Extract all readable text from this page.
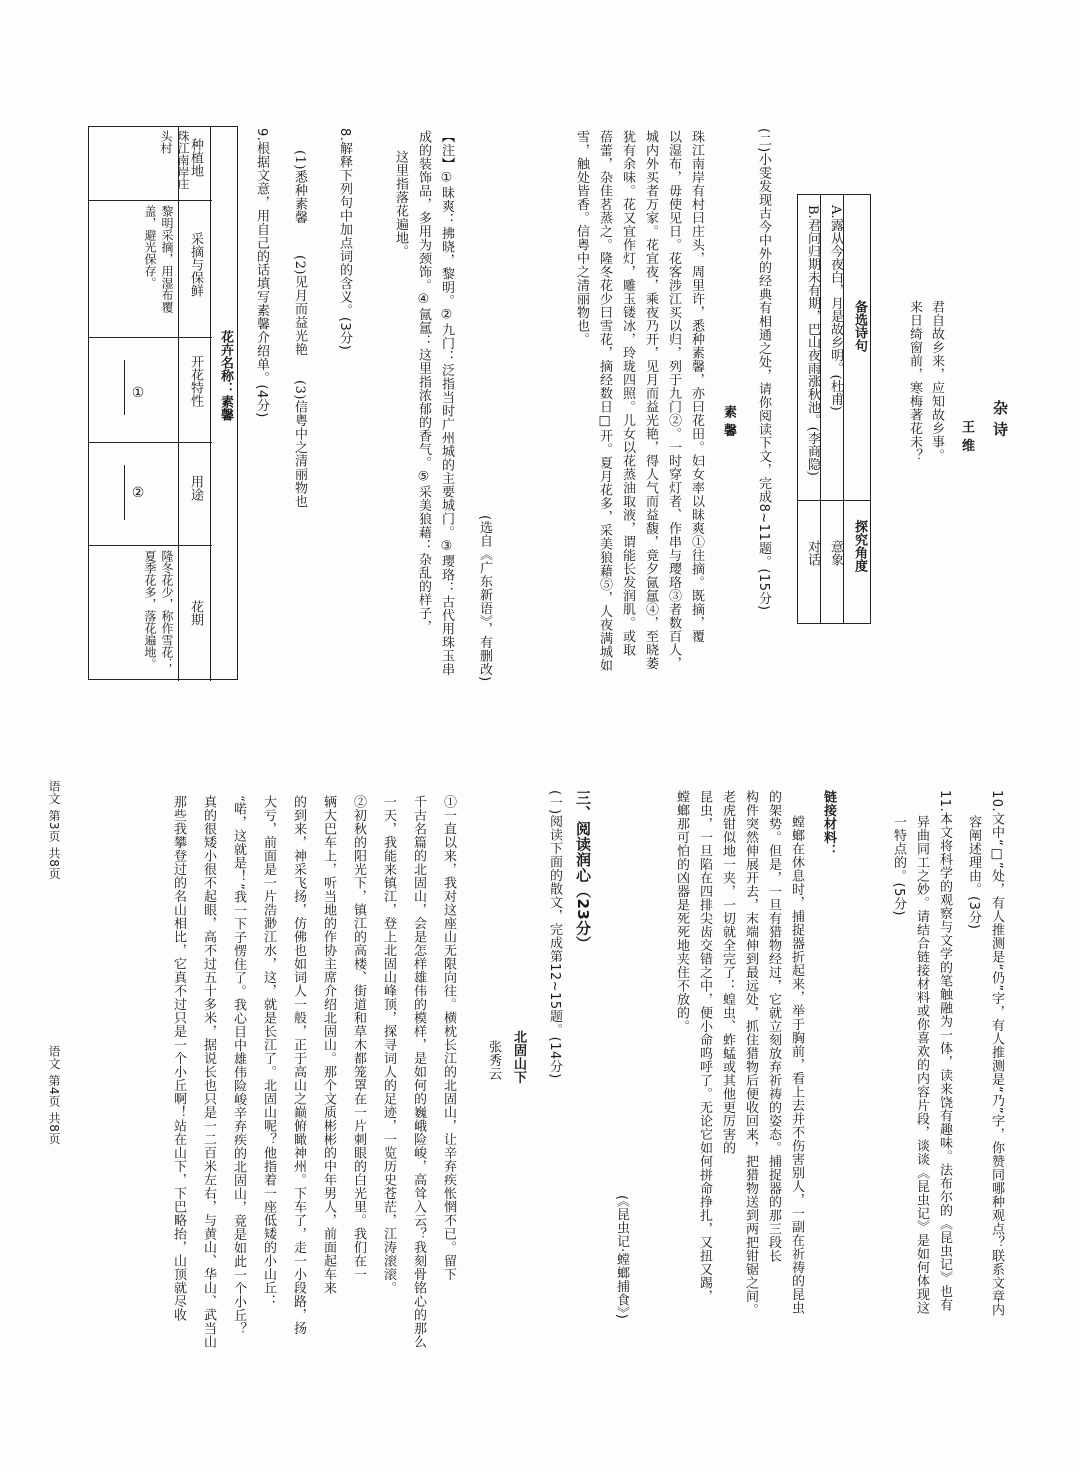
杂 诗
王 维
君自故乡来，应知故乡事。
来日绮窗前，寒梅著花未？
备选诗句
探究角度
A.露从今夜白，月是故乡明。(杜甫)
意象
B.君问归期未有期，巴山夜雨涨秋池。(李商隐)
对话
(二)小雯发现古今中外的经典有相通之处，请你阅读下文，完成8~11题。(15分)
素 馨
珠江南岸有村曰庄头，周里许，悉种素馨，亦曰花田。妇女率以昧爽①往摘。既摘，覆
以湿布，毋使见日。花客涉江买以归，列于九门②。一时穿灯者、作串与璎珞③者数百人，
城内外买者万家。花宜夜，乘夜乃开，见月而益光艳，得人气而益馥，竟夕氤氲④，至晓萎
犹有余味。花又宜作灯，雕玉镂冰，玲珑四照。儿女以花蒸油取液，谓能长发润肌。或取
蓓蕾，杂佳茗蒸之。隆冬花少曰雪花，摘经数日□开。夏月花多，采美狼藉⑤，人夜满城如
雪，触处皆香。信粤中之清丽物也。
(选自《广东新语》，有删改)
【注】①昧爽：拂晓，黎明。②九门：泛指当时广州城的主要城门。③璎珞：古代用珠玉串
成的装饰品，多用为颈饰。④氤氲：这里指浓郁的香气。⑤采美狼藉：杂乱的样子，
这里指落花遍地。
8.解释下列句中加点词的含义。(3分)
(1)悉种素馨
(2)见月而益光艳
(3)信粤中之清丽物也
9.根据文意，用自己的话填写素馨介绍单。(4分)
花卉名称：素馨
种植地
采摘与保鲜
开花特性
用途
花期
珠江南岸庄头村
黎明采摘，用湿布覆盖，避光保存。
①
②
隆冬花少，称作雪花；夏季花多，落花遍地。
语文 第3页 共8页	10.文中“□”处，有人推测是“仍”字，有人推测是“乃”字，你赞同哪种观点？联系文章内
容阐述理由。(3分)
11.本文将科学的观察与文学的笔触融为一体，读来饶有趣味。法布尔的《昆虫记》也有
异曲同工之妙。请结合链接材料或你喜欢的内容片段，谈谈《昆虫记》是如何体现这
一特点的。(5分)
链接材料：
螳螂在休息时，捕捉器折起来，举于胸前，看上去并不伤害别人，一副在祈祷的昆虫
的架势。但是，一旦有猎物经过，它就立刻放弃祈祷的姿态。捕捉器的那三段长
构件突然伸展开去，末端伸到最远处，抓住猎物后便收回来，把猎物送到两把钳锯之间。
老虎钳似地一夹，一切就全完了：蝗虫、蚱蜢或其他更厉害的
昆虫，一旦陷在四排尖齿交错之中，便小命呜呼了。无论它如何拼命挣扎，又扭又踢，
螳螂那可怕的凶器是死死地夹住不放的。
(《昆虫记·螳螂捕食》)
三、阅读润心（23分）
(一)阅读下面的散文，完成第12~15题。(14分)
北固山下
张秀云
①一直以来，我对这座山无限向往。横枕长江的北固山，让辛弃疾怅惘不已。留下
千古名篇的北固山，会是怎样雄伟的模样，是如何的巍峨险峻，高耸入云？我刻骨铭心的那么
一天，我能来镇江，登上北固山峰顶，探寻词人的足迹，一览历史苍茫，江涛滚滚。
②初秋的阳光下，镇江的高楼、街道和草木都笼罩在一片刺眼的白光里。我们在一
辆大巴车上，听当地的作协主席介绍北固山。那个文质彬彬的中年男人，前面起车来
的到来，神采飞扬，仿佛也如词人一般，正于高山之巅俯瞰神州。下车了，走一小段路，扬
大亏，前面是一片浩渺江水，这，就是长江了。北固山呢？他指着一座低矮的小山丘：
“喏，这就是！”我一下子愣住了。我心目中雄伟险峻辛弃疾的北固山，竟是如此一个小丘？
真的很矮小很不起眼，高不过五十多米，据说长也只是一二百米左右，与黄山、华山、武当山
那些我攀登过的名山相比，它真不过只是一个小丘啊！站在山下，下巴略抬，山顶就尽收
语文 第4页 共8页
